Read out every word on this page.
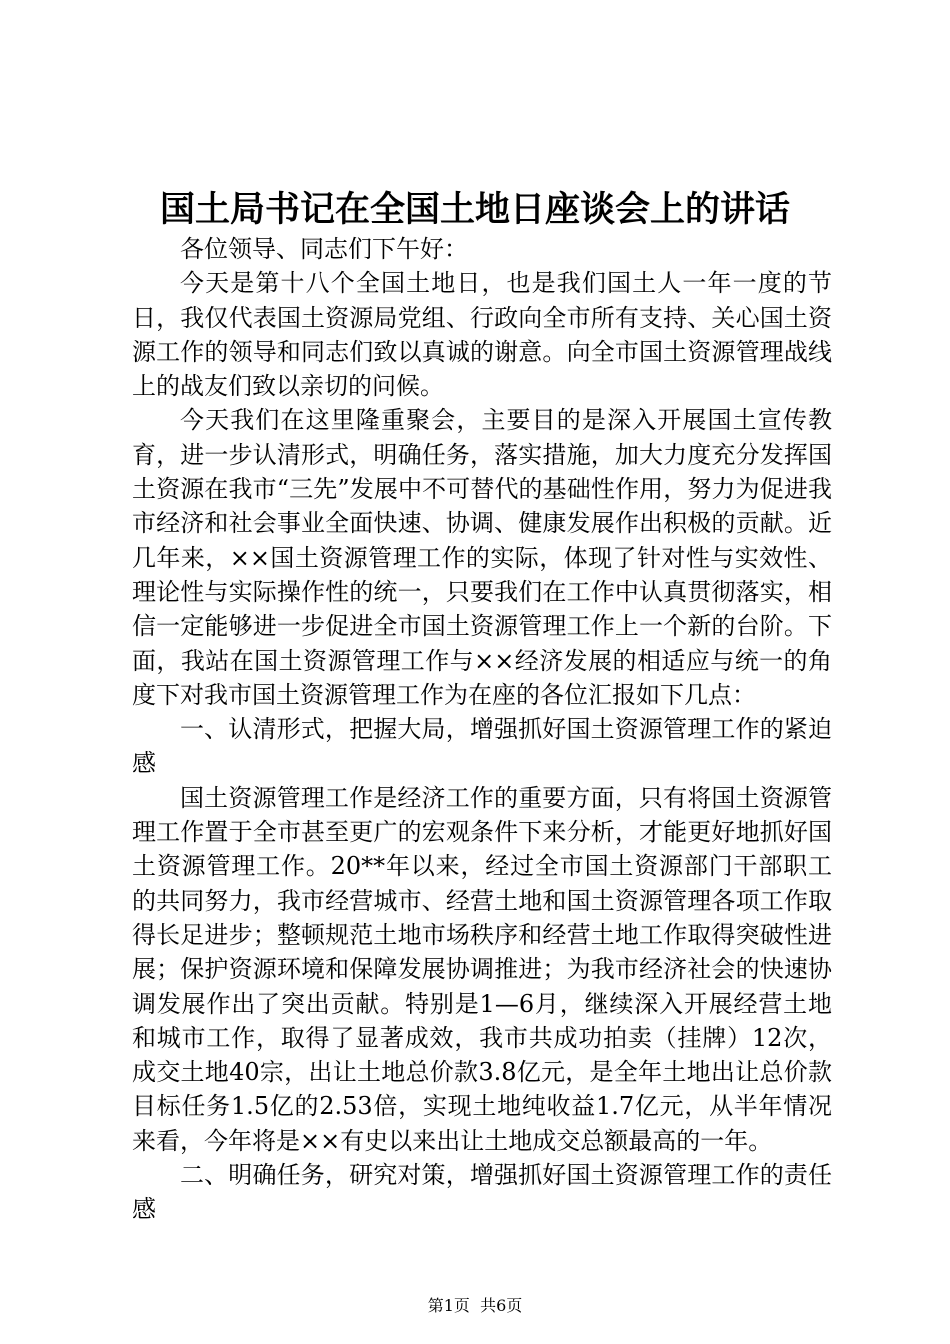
国土局书记在全国土地日座谈会上的讲话

各位领导、同志们下午好：

今天是第十八个全国土地日，也是我们国土人一年一度的节日，我仅代表国土资源局党组、行政向全市所有支持、关心国土资源工作的领导和同志们致以真诚的谢意。向全市国土资源管理战线上的战友们致以亲切的问候。

今天我们在这里隆重聚会，主要目的是深入开展国土宣传教育，进一步认清形式，明确任务，落实措施，加大力度充分发挥国土资源在我市“三先”发展中不可替代的基础性作用，努力为促进我市经济和社会事业全面快速、协调、健康发展作出积极的贡献。近几年来，××国土资源管理工作的实际，体现了针对性与实效性、理论性与实际操作性的统一，只要我们在工作中认真贯彻落实，相信一定能够进一步促进全市国土资源管理工作上一个新的台阶。下面，我站在国土资源管理工作与××经济发展的相适应与统一的角度下对我市国土资源管理工作为在座的各位汇报如下几点：

一、认清形式，把握大局，增强抓好国土资源管理工作的紧迫感

国土资源管理工作是经济工作的重要方面，只有将国土资源管理工作置于全市甚至更广的宏观条件下来分析，才能更好地抓好国土资源管理工作。20**年以来，经过全市国土资源部门干部职工的共同努力，我市经营城市、经营土地和国土资源管理各项工作取得长足进步；整顿规范土地市场秩序和经营土地工作取得突破性进展；保护资源环境和保障发展协调推进；为我市经济社会的快速协调发展作出了突出贡献。特别是1—6月，继续深入开展经营土地和城市工作，取得了显著成效，我市共成功拍卖（挂牌）12次，成交土地40宗，出让土地总价款3.8亿元，是全年土地出让总价款目标任务1.5亿的2.53倍，实现土地纯收益1.7亿元，从半年情况来看，今年将是××有史以来出让土地成交总额最高的一年。

二、明确任务，研究对策，增强抓好国土资源管理工作的责任感

第1页 共6页
